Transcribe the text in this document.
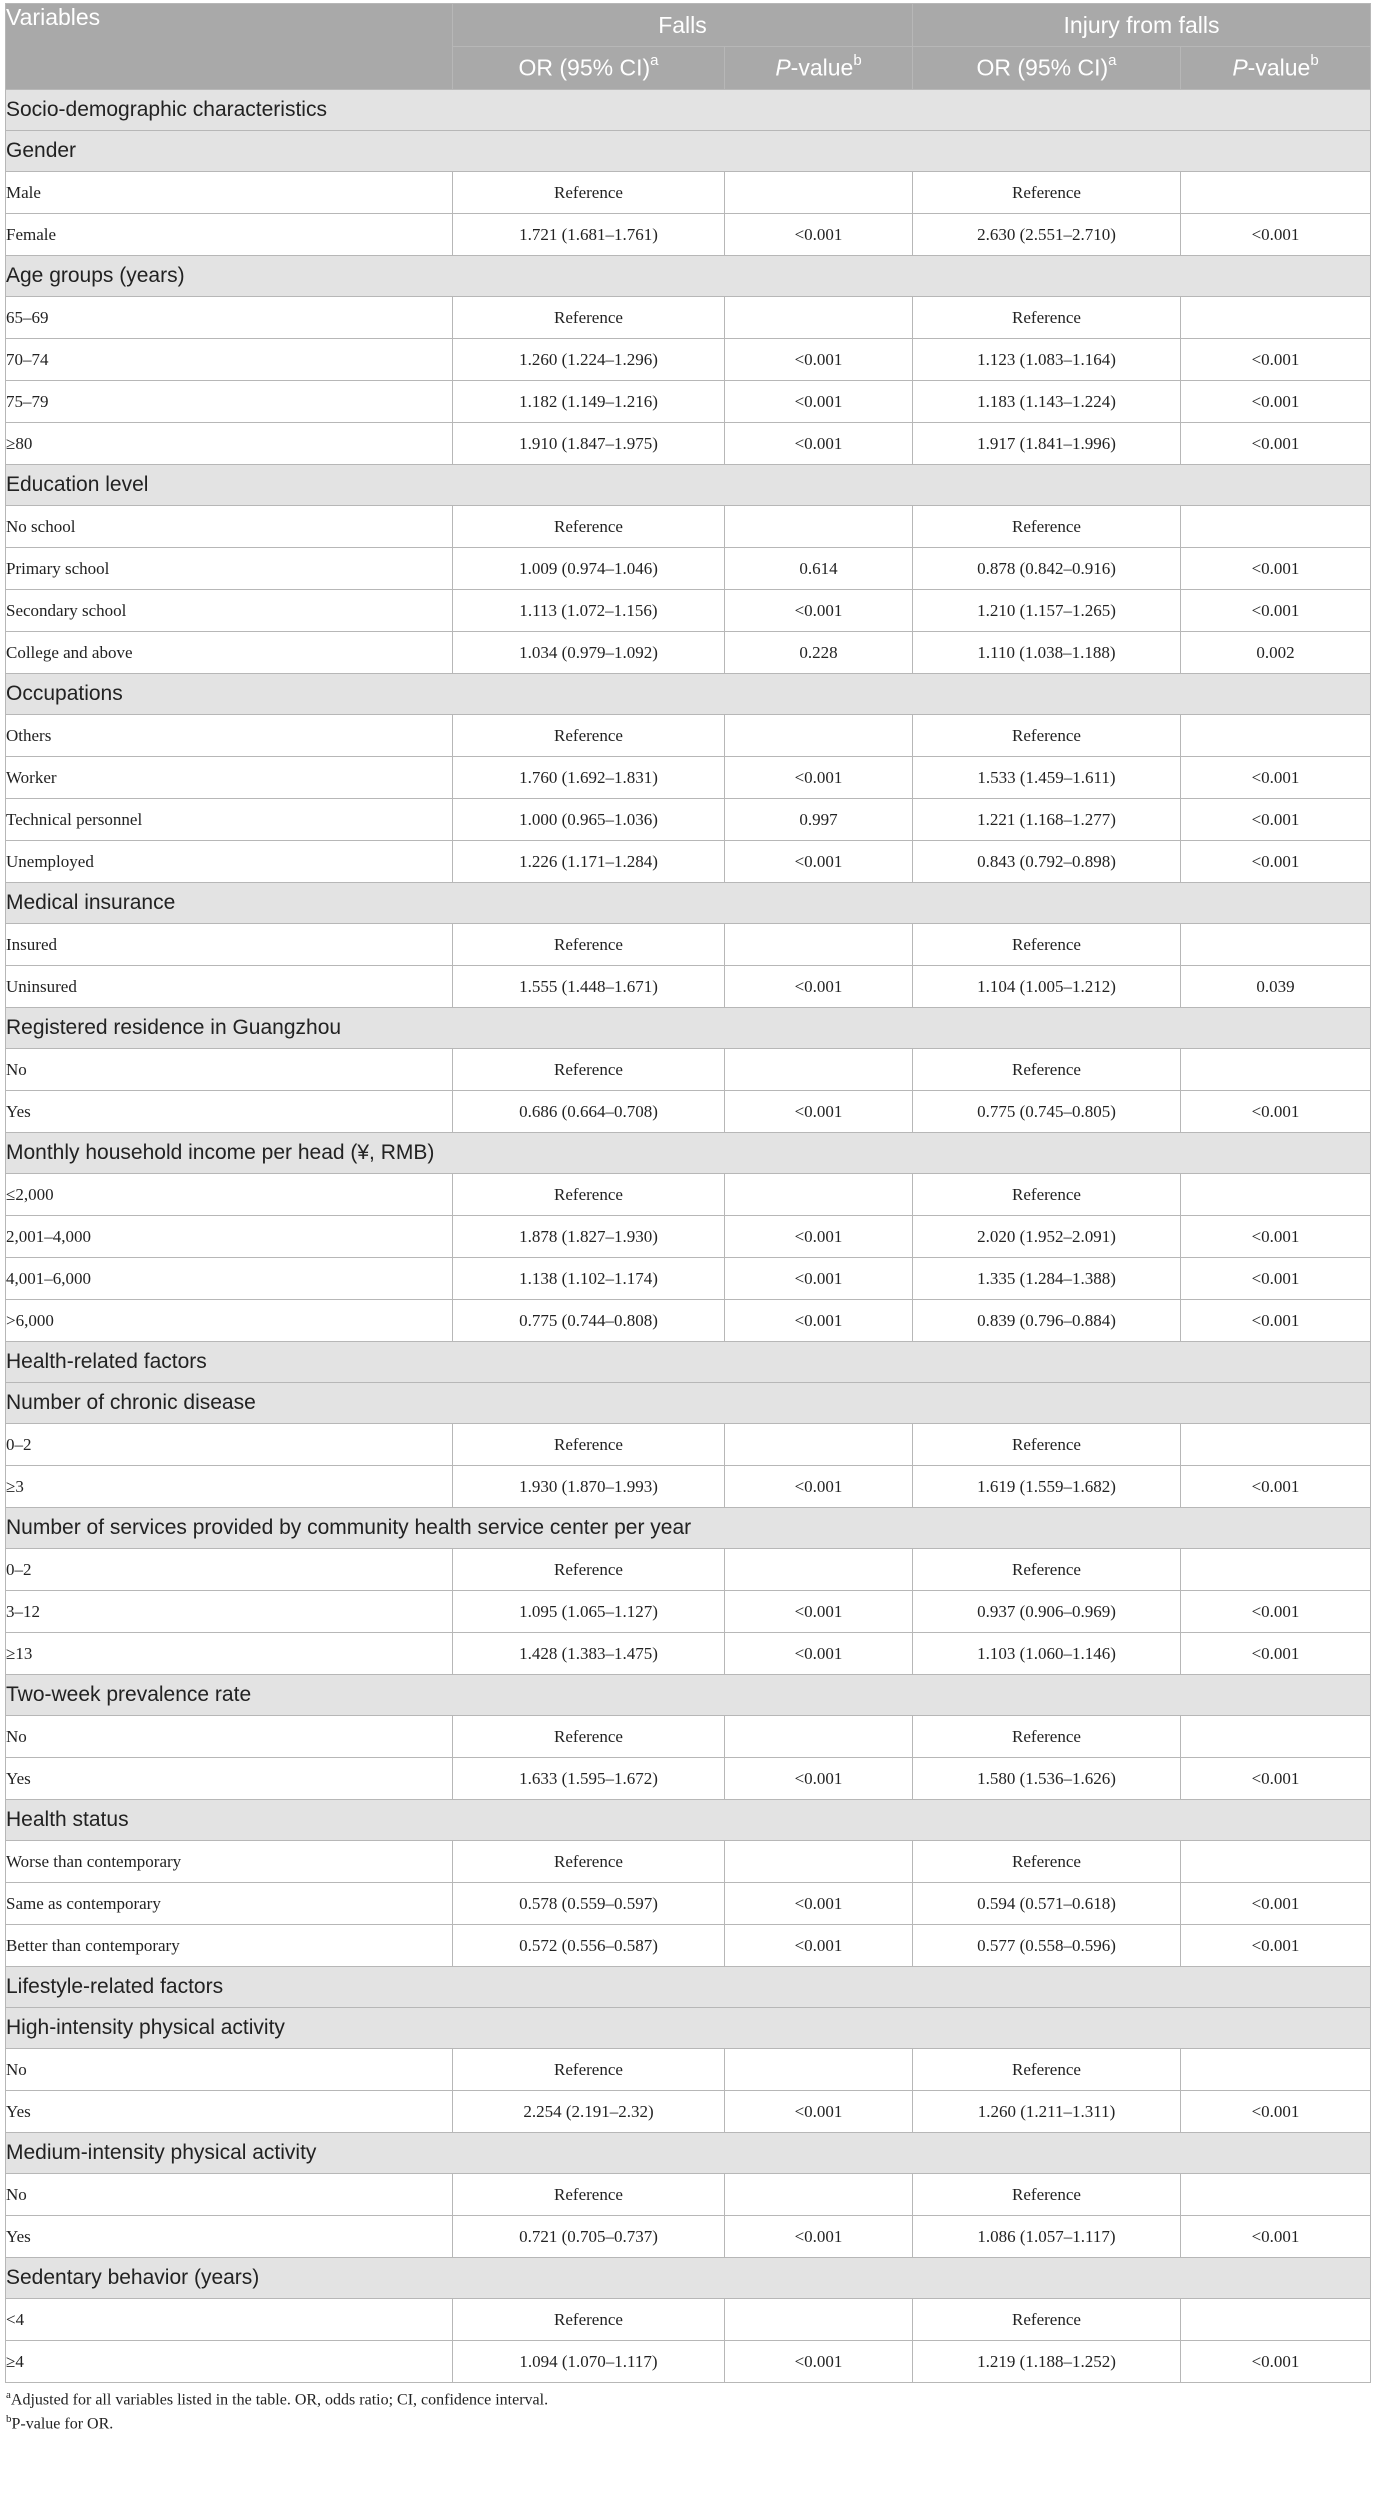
Variables	Falls		Injury from falls	
	OR (95% CI)$^a$	P-value$^b$	OR (95% CI)$^a$	P-value$^b$
Socio-demographic characteristics				
Gender				
Male	Reference		Reference	
Female	1.721 (1.681–1.761)	<0.001	2.630 (2.551–2.710)	<0.001
Age groups (years)				
65–69	Reference		Reference	
70–74	1.260 (1.224–1.296)	<0.001	1.123 (1.083–1.164)	<0.001
75–79	1.182 (1.149–1.216)	<0.001	1.183 (1.143–1.224)	<0.001
≥80	1.910 (1.847–1.975)	<0.001	1.917 (1.841–1.996)	<0.001
Education level				
No school	Reference		Reference	
Primary school	1.009 (0.974–1.046)	0.614	0.878 (0.842–0.916)	<0.001
Secondary school	1.113 (1.072–1.156)	<0.001	1.210 (1.157–1.265)	<0.001
College and above	1.034 (0.979–1.092)	0.228	1.110 (1.038–1.188)	0.002
Occupations				
Others	Reference		Reference	
Worker	1.760 (1.692–1.831)	<0.001	1.533 (1.459–1.611)	<0.001
Technical personnel	1.000 (0.965–1.036)	0.997	1.221 (1.168–1.277)	<0.001
Unemployed	1.226 (1.171–1.284)	<0.001	0.843 (0.792–0.898)	<0.001
Medical insurance				
Insured	Reference		Reference	
Uninsured	1.555 (1.448–1.671)	<0.001	1.104 (1.005–1.212)	0.039
Registered residence in Guangzhou				
No	Reference		Reference	
Yes	0.686 (0.664–0.708)	<0.001	0.775 (0.745–0.805)	<0.001
Monthly household income per head (¥, RMB)				
≤2,000	Reference		Reference	
2,001–4,000	1.878 (1.827–1.930)	<0.001	2.020 (1.952–2.091)	<0.001
4,001–6,000	1.138 (1.102–1.174)	<0.001	1.335 (1.284–1.388)	<0.001
>6,000	0.775 (0.744–0.808)	<0.001	0.839 (0.796–0.884)	<0.001
Health-related factors				
Number of chronic disease				
0–2	Reference		Reference	
≥3	1.930 (1.870–1.993)	<0.001	1.619 (1.559–1.682)	<0.001
Number of services provided by community health service center per year				
0–2	Reference		Reference	
3–12	1.095 (1.065–1.127)	<0.001	0.937 (0.906–0.969)	<0.001
≥13	1.428 (1.383–1.475)	<0.001	1.103 (1.060–1.146)	<0.001
Two-week prevalence rate				
No	Reference		Reference	
Yes	1.633 (1.595–1.672)	<0.001	1.580 (1.536–1.626)	<0.001
Health status				
Worse than contemporary	Reference		Reference	
Same as contemporary	0.578 (0.559–0.597)	<0.001	0.594 (0.571–0.618)	<0.001
Better than contemporary	0.572 (0.556–0.587)	<0.001	0.577 (0.558–0.596)	<0.001
Lifestyle-related factors				
High-intensity physical activity				
No	Reference		Reference	
Yes	2.254 (2.191–2.32)	<0.001	1.260 (1.211–1.311)	<0.001
Medium-intensity physical activity				
No	Reference		Reference	
Yes	0.721 (0.705–0.737)	<0.001	1.086 (1.057–1.117)	<0.001
Sedentary behavior (years)				
<4	Reference		Reference	
≥4	1.094 (1.070–1.117)	<0.001	1.219 (1.188–1.252)	<0.001
$^a$Adjusted for all variables listed in the table. OR, odds ratio; CI, confidence interval.
$^b$P-value for OR.
